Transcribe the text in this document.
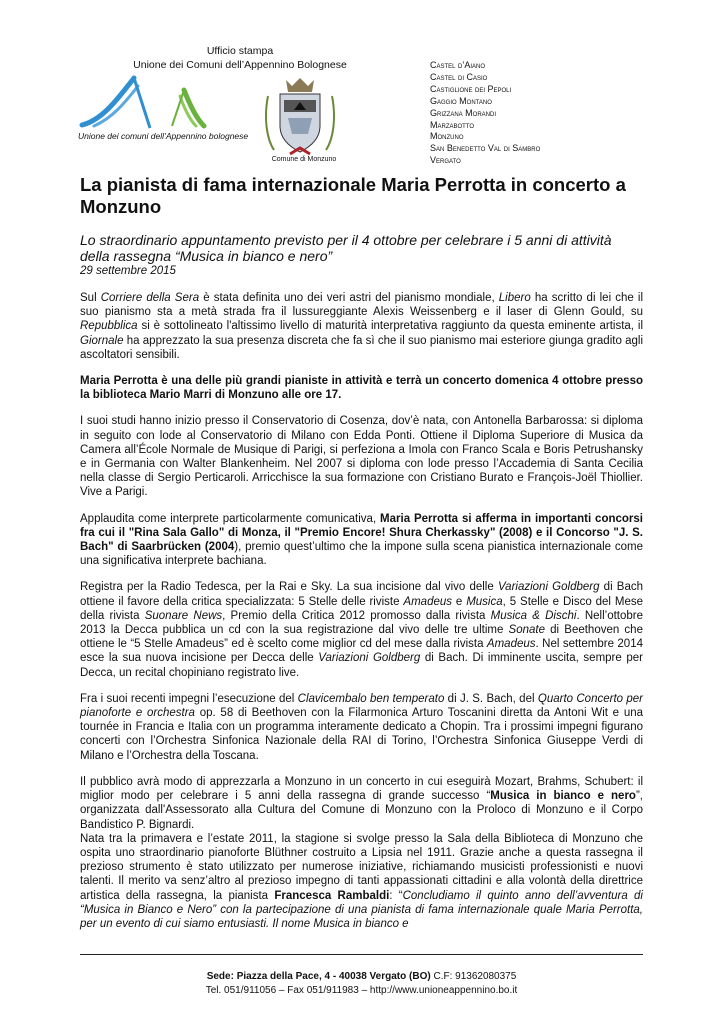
Ufficio stampa
Unione dei Comuni dell’Appennino Bolognese
Unione dei comuni dell’Appennino bolognese
Comune di Monzuno
Castel d’Aiano
Castel di Casio
Castiglione dei Pepoli
Gaggio Montano
Grizzana Morandi
Marzabotto
Monzuno
San Benedetto Val di Sambro
Vergato
La pianista di fama internazionale Maria Perrotta in concerto a Monzuno

Lo straordinario appuntamento previsto per il 4 ottobre per celebrare i 5 anni di attività della rassegna “Musica in bianco e nero”

29 settembre 2015

Sul Corriere della Sera è stata definita uno dei veri astri del pianismo mondiale, Libero ha scritto di lei che il suo pianismo sta a metà strada fra il lussureggiante Alexis Weissenberg e il laser di Glenn Gould, su Repubblica si è sottolineato l'altissimo livello di maturità interpretativa raggiunto da questa eminente artista, il Giornale ha apprezzato la sua presenza discreta che fa sì che il suo pianismo mai esteriore giunga gradito agli ascoltatori sensibili.

Maria Perrotta è una delle più grandi pianiste in attività e terrà un concerto domenica 4 ottobre presso la biblioteca Mario Marri di Monzuno alle ore 17.

I suoi studi hanno inizio presso il Conservatorio di Cosenza, dov’è nata, con Antonella Barbarossa: si diploma in seguito con lode al Conservatorio di Milano con Edda Ponti. Ottiene il Diploma Superiore di Musica da Camera all’École Normale de Musique di Parigi, si perfeziona a Imola con Franco Scala e Boris Petrushansky e in Germania con Walter Blankenheim. Nel 2007 si diploma con lode presso l’Accademia di Santa Cecilia nella classe di Sergio Perticaroli. Arricchisce la sua formazione con Cristiano Burato e François-Joël Thiollier. Vive a Parigi.

Applaudita come interprete particolarmente comunicativa, Maria Perrotta si afferma in importanti concorsi fra cui il "Rina Sala Gallo" di Monza, il "Premio Encore! Shura Cherkassky" (2008) e il Concorso "J. S. Bach" di Saarbrücken (2004), premio quest’ultimo che la impone sulla scena pianistica internazionale come una significativa interprete bachiana.

Registra per la Radio Tedesca, per la Rai e Sky. La sua incisione dal vivo delle Variazioni Goldberg di Bach ottiene il favore della critica specializzata: 5 Stelle delle riviste Amadeus e Musica, 5 Stelle e Disco del Mese della rivista Suonare News, Premio della Critica 2012 promosso dalla rivista Musica & Dischi. Nell’ottobre 2013 la Decca pubblica un cd con la sua registrazione dal vivo delle tre ultime Sonate di Beethoven che ottiene le “5 Stelle Amadeus” ed è scelto come miglior cd del mese dalla rivista Amadeus. Nel settembre 2014 esce la sua nuova incisione per Decca delle Variazioni Goldberg di Bach. Di imminente uscita, sempre per Decca, un recital chopiniano registrato live.

Fra i suoi recenti impegni l’esecuzione del Clavicembalo ben temperato di J. S. Bach, del Quarto Concerto per pianoforte e orchestra op. 58 di Beethoven con la Filarmonica Arturo Toscanini diretta da Antoni Wit e una tournée in Francia e Italia con un programma interamente dedicato a Chopin. Tra i prossimi impegni figurano concerti con l’Orchestra Sinfonica Nazionale della RAI di Torino, l’Orchestra Sinfonica Giuseppe Verdi di Milano e l’Orchestra della Toscana.

Il pubblico avrà modo di apprezzarla a Monzuno in un concerto in cui eseguirà Mozart, Brahms, Schubert: il miglior modo per celebrare i 5 anni della rassegna di grande successo “Musica in bianco e nero”, organizzata dall'Assessorato alla Cultura del Comune di Monzuno con la Proloco di Monzuno e il Corpo Bandistico P. Bignardi.

Nata tra la primavera e l’estate 2011, la stagione si svolge presso la Sala della Biblioteca di Monzuno che ospita uno straordinario pianoforte Blüthner costruito a Lipsia nel 1911. Grazie anche a questa rassegna il prezioso strumento è stato utilizzato per numerose iniziative, richiamando musicisti professionisti e nuovi talenti. Il merito va senz’altro al prezioso impegno di tanti appassionati cittadini e alla volontà della direttrice artistica della rassegna, la pianista Francesca Rambaldi: “Concludiamo il quinto anno dell’avventura di “Musica in Bianco e Nero” con la partecipazione di una pianista di fama internazionale quale Maria Perrotta, per un evento di cui siamo entusiasti. Il nome Musica in bianco e

Sede: Piazza della Pace, 4 - 40038 Vergato (BO) C.F: 91362080375
Tel. 051/911056 – Fax 051/911983 – http://www.unioneappennino.bo.it
